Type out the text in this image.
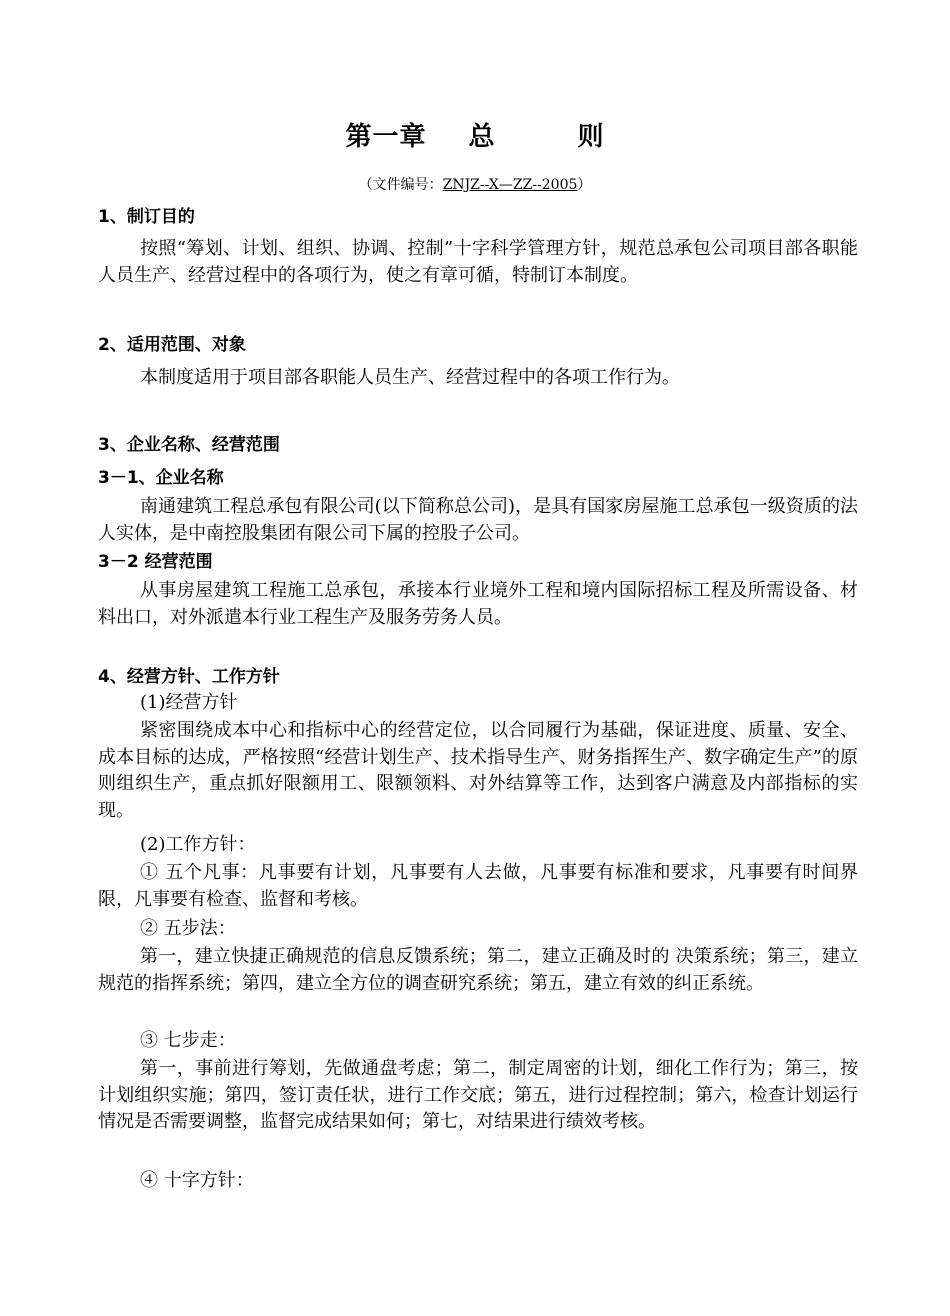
第一章 总	则
（文件编号：ZNJZ--X—ZZ--2005）
1、制订目的
按照“筹划、计划、组织、协调、控制”十字科学管理方针，规范总承包公司项目部各职能人员生产、经营过程中的各项行为，使之有章可循，特制订本制度。
2、适用范围、对象
本制度适用于项目部各职能人员生产、经营过程中的各项工作行为。
3、企业名称、经营范围
3－1、企业名称
南通建筑工程总承包有限公司(以下简称总公司)，是具有国家房屋施工总承包一级资质的法人实体，是中南控股集团有限公司下属的控股子公司。
3－2 经营范围
从事房屋建筑工程施工总承包，承接本行业境外工程和境内国际招标工程及所需设备、材料出口，对外派遣本行业工程生产及服务劳务人员。
4、经营方针、工作方针
(1)经营方针
紧密围绕成本中心和指标中心的经营定位，以合同履行为基础，保证进度、质量、安全、成本目标的达成，严格按照“经营计划生产、技术指导生产、财务指挥生产、数字确定生产”的原则组织生产，重点抓好限额用工、限额领料、对外结算等工作，达到客户满意及内部指标的实现。
(2)工作方针：
① 五个凡事：凡事要有计划，凡事要有人去做，凡事要有标准和要求，凡事要有时间界限，凡事要有检查、监督和考核。
② 五步法：
第一，建立快捷正确规范的信息反馈系统；第二，建立正确及时的 决策系统；第三，建立规范的指挥系统；第四，建立全方位的调查研究系统；第五，建立有效的纠正系统。
③ 七步走：
第一，事前进行筹划，先做通盘考虑；第二，制定周密的计划，细化工作行为；第三，按计划组织实施；第四，签订责任状，进行工作交底；第五，进行过程控制；第六，检查计划运行情况是否需要调整，监督完成结果如何；第七，对结果进行绩效考核。
④ 十字方针：
